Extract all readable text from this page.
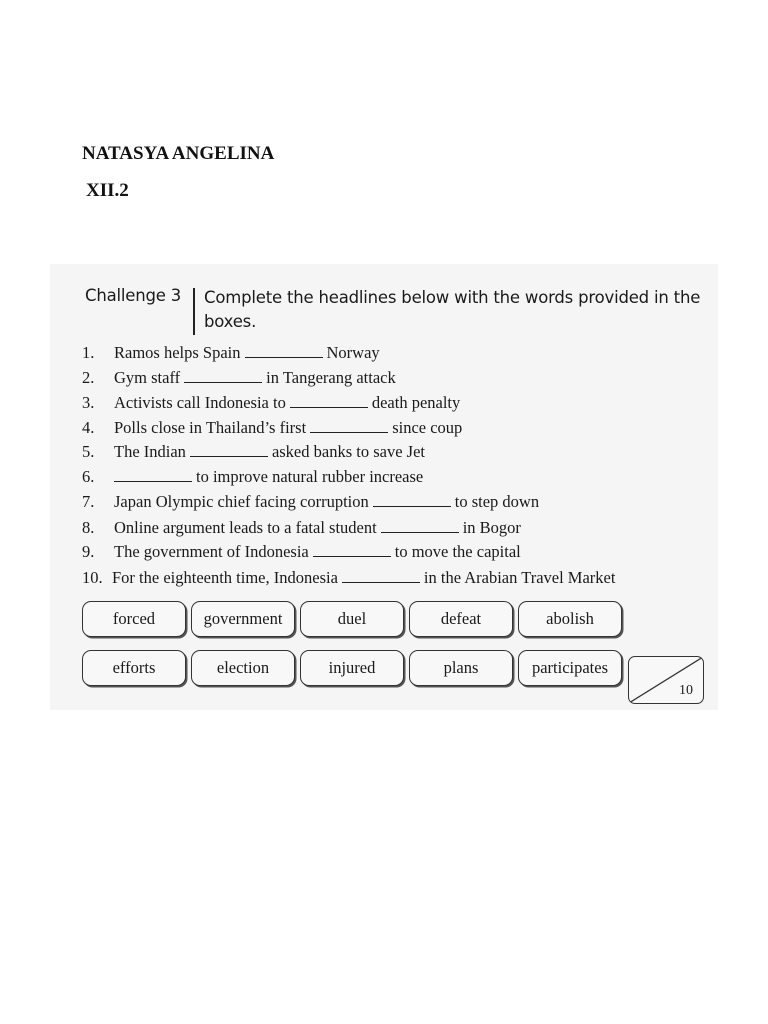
NATASYA ANGELINA
XII.2
Challenge 3 Complete the headlines below with the words provided in the boxes.
1. Ramos helps Spain	Norway
2. Gym staff	in Tangerang attack
3. Activists call Indonesia to	death penalty
4. Polls close in Thailand’s first	since coup
5. The Indian	asked banks to save Jet
6.	to improve natural rubber increase
7. Japan Olympic chief facing corruption	to step down
8. Online argument leads to a fatal student	in Bogor
9. The government of Indonesia	to move the capital
10. For the eighteenth time, Indonesia	in the Arabian Travel Market
forced	government	duel	defeat	abolish
efforts	election	injured	plans	participates
10
